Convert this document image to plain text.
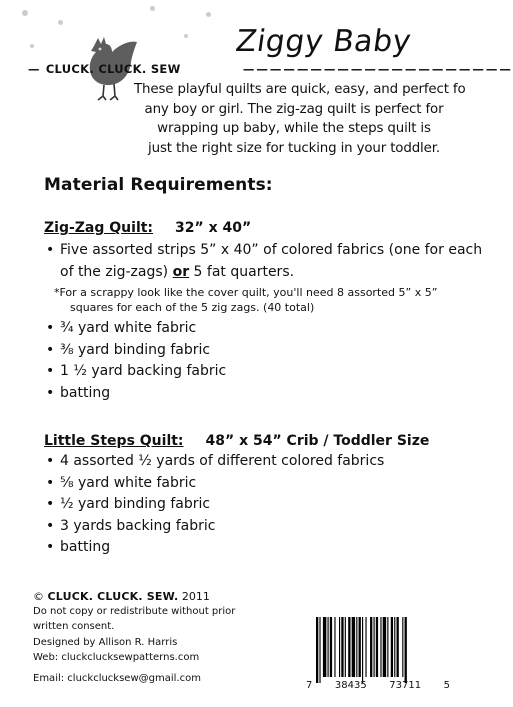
— CLUCK. CLUCK. SEW	————————————————————
Ziggy Baby
These playful quilts are quick, easy, and perfect fo
any boy or girl. The zig-zag quilt is perfect for
wrapping up baby, while the steps quilt is
just the right size for tucking in your toddler.
Material Requirements:
Zig-Zag Quilt: 32” x 40”
• Five assorted strips 5” x 40” of colored fabrics (one for each
of the zig-zags) or 5 fat quarters.
*For a scrappy look like the cover quilt, you'll need 8 assorted 5” x 5”
squares for each of the 5 zig zags. (40 total)
• ¾ yard white fabric
• ⅜ yard binding fabric
• 1 ½ yard backing fabric
• batting
Little Steps Quilt: 48” x 54” Crib / Toddler Size
• 4 assorted ½ yards of different colored fabrics
• ⅝ yard white fabric
• ½ yard binding fabric
• 3 yards backing fabric
• batting
© CLUCK. CLUCK. SEW. 2011
Do not copy or redistribute without prior
written consent.
Designed by Allison R. Harris
Web: cluckclucksewpatterns.com
Email: cluckclucksew@gmail.com
7 38435 73711 5
